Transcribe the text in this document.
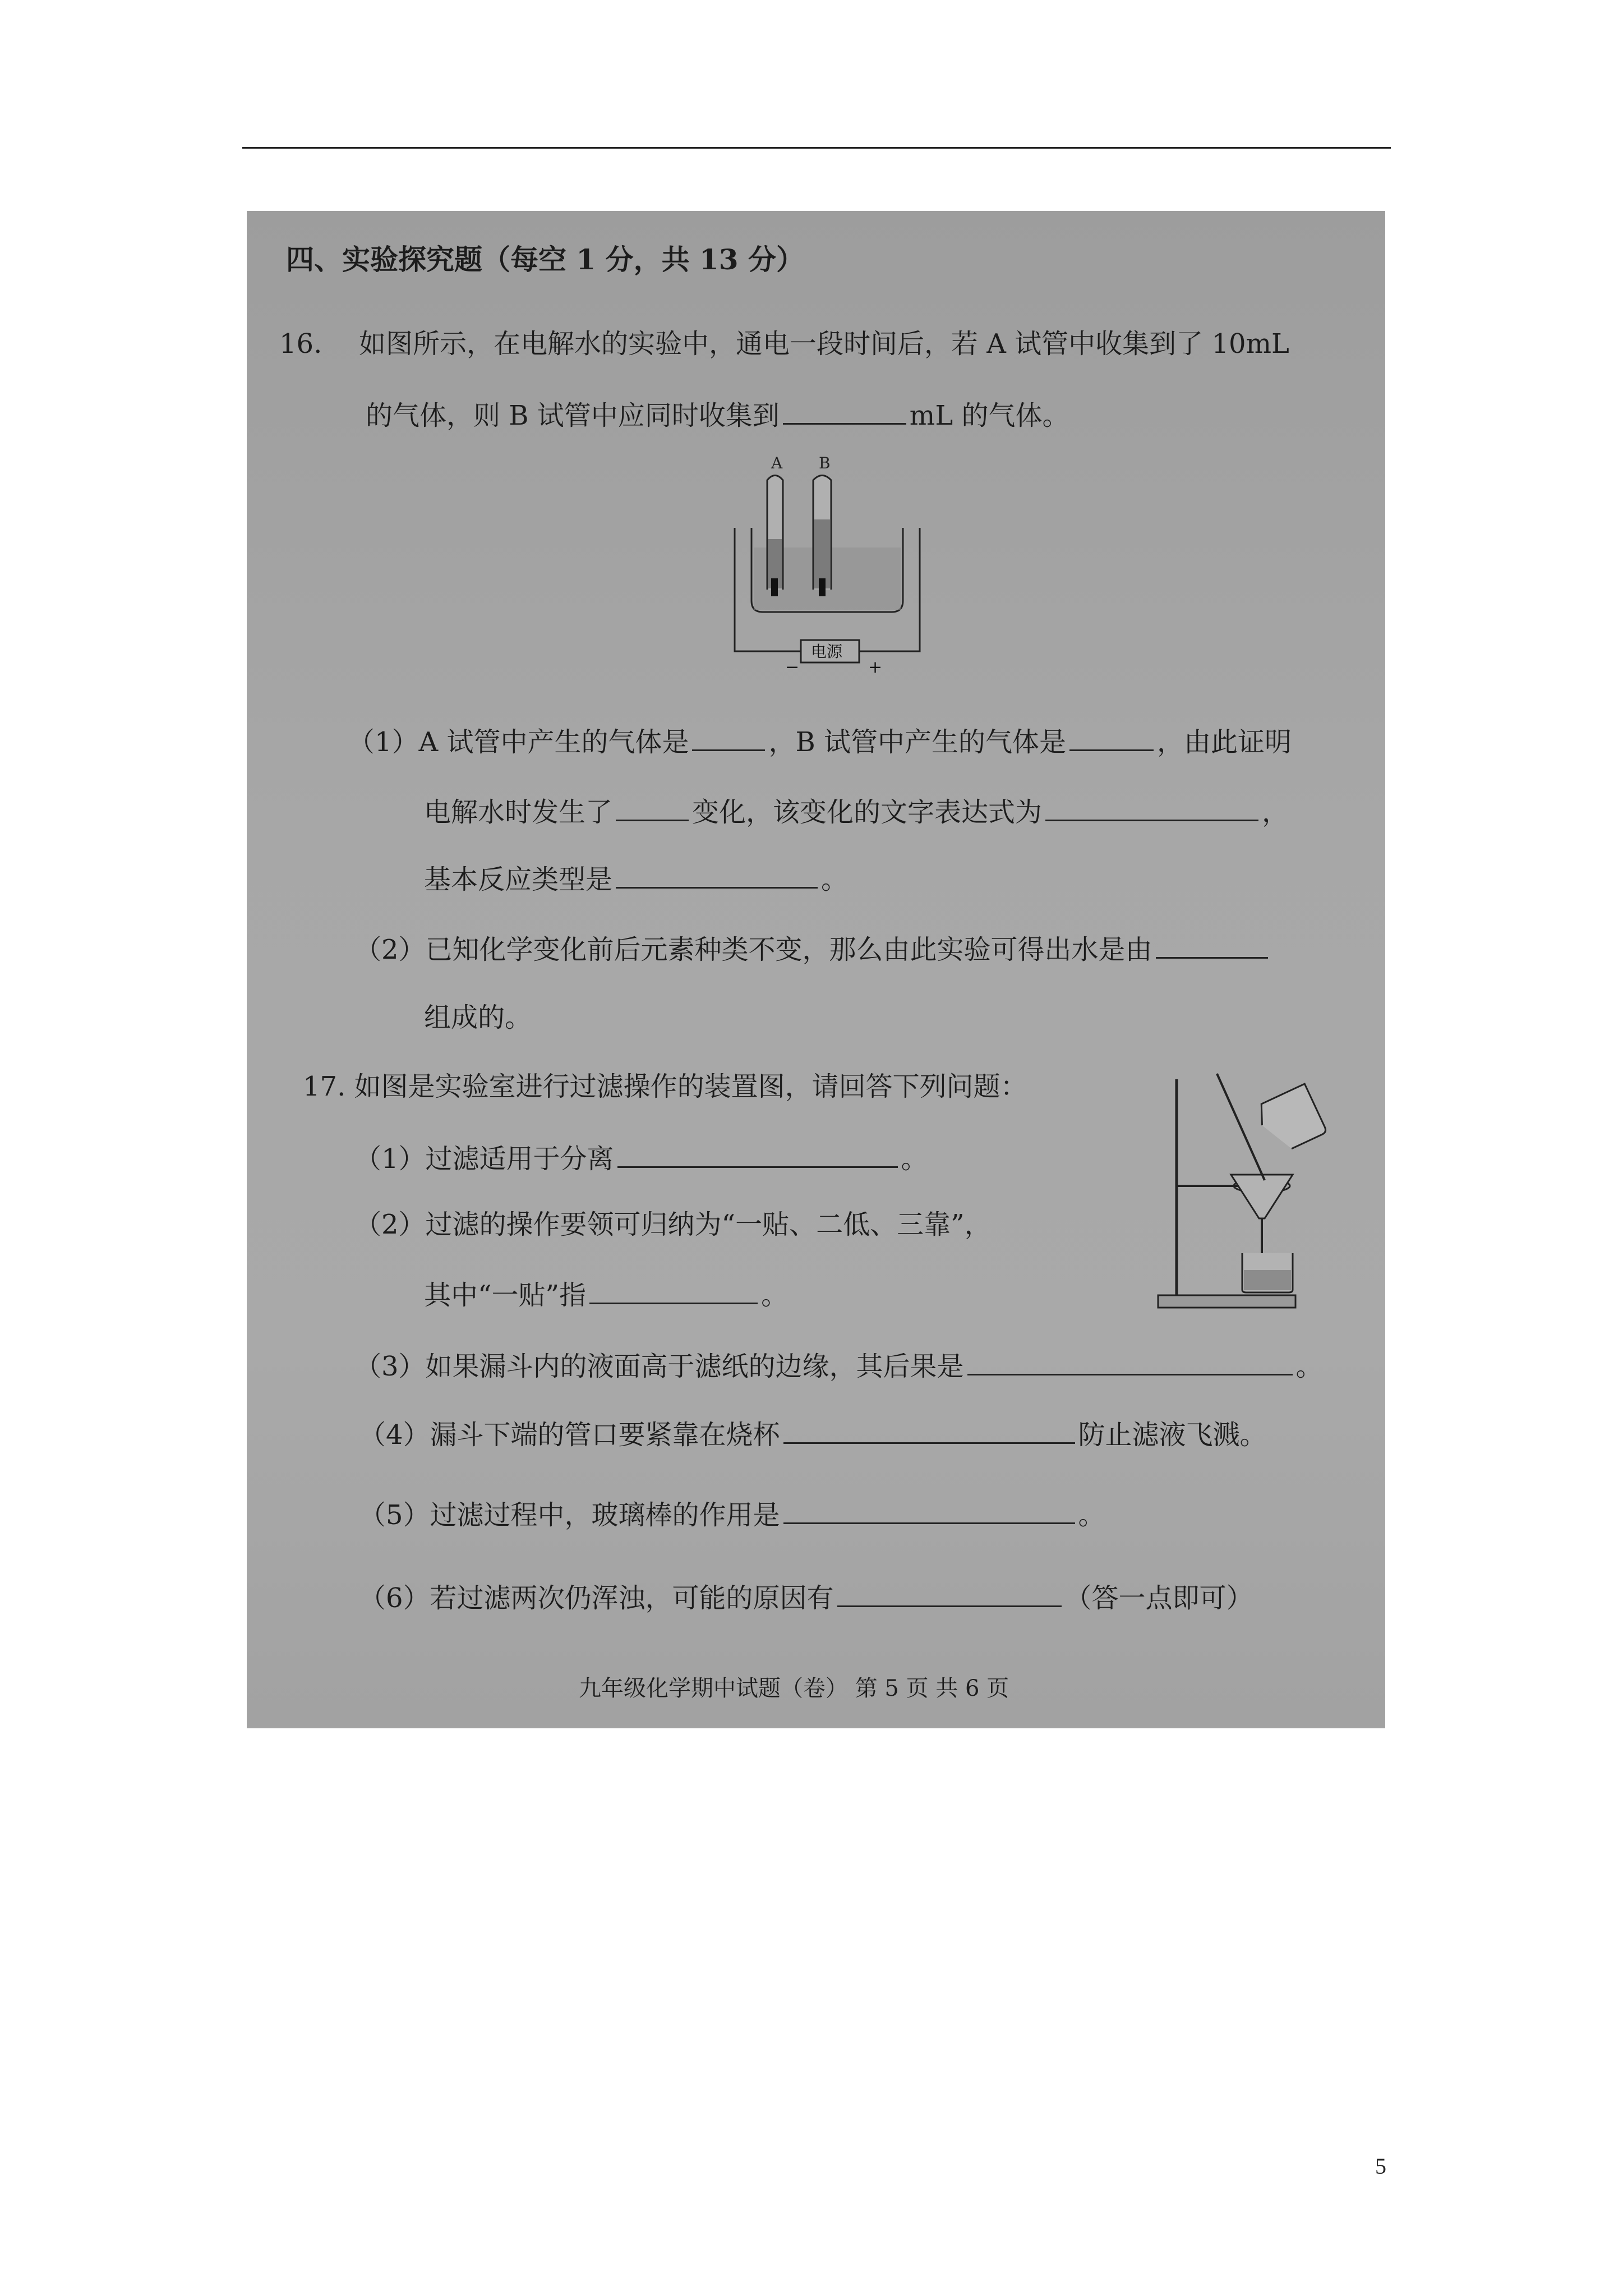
四、实验探究题（每空 1 分，共 13 分）
16. 如图所示，在电解水的实验中，通电一段时间后，若 A 试管中收集到了 10mL
的气体，则 B 试管中应同时收集到	mL 的气体。
A B
电源
−	+
（1）A 试管中产生的气体是	，B 试管中产生的气体是	，由此证明
电解水时发生了	变化，该变化的文字表达式为	，
基本反应类型是	。
（2）已知化学变化前后元素种类不变，那么由此实验可得出水是由
组成的。
17. 如图是实验室进行过滤操作的装置图，请回答下列问题：
（1）过滤适用于分离	。
（2）过滤的操作要领可归纳为“一贴、二低、三靠”，
其中“一贴”指	。
（3）如果漏斗内的液面高于滤纸的边缘，其后果是	。
（4）漏斗下端的管口要紧靠在烧杯	防止滤液飞溅。
（5）过滤过程中，玻璃棒的作用是	。
（6）若过滤两次仍浑浊，可能的原因有	（答一点即可）
九年级化学期中试题（卷） 第 5 页 共 6 页
5
